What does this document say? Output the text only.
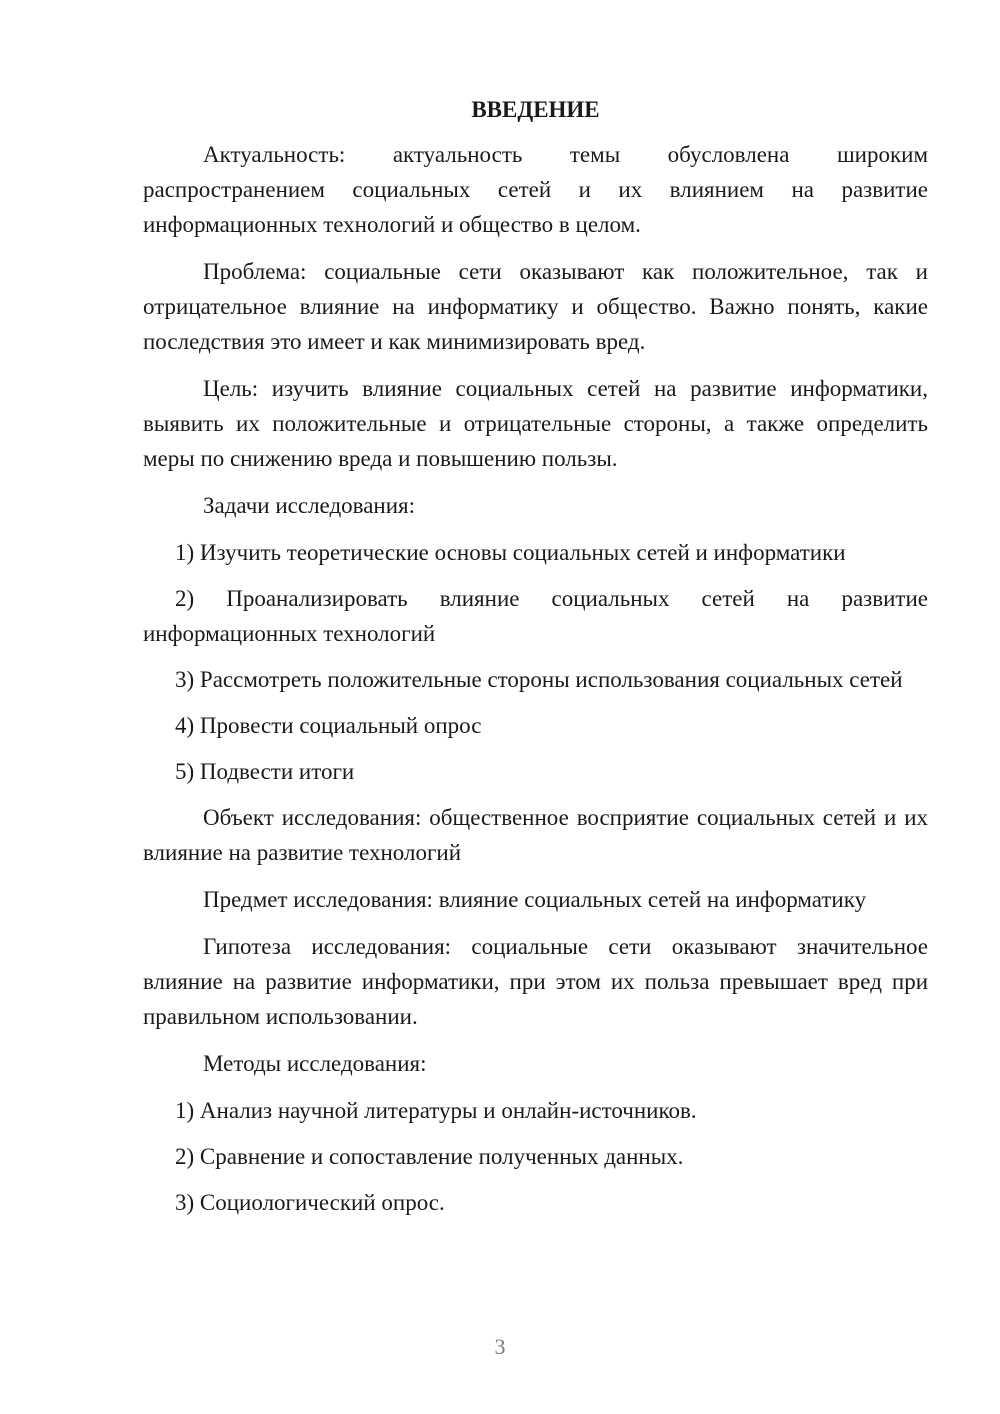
ВВЕДЕНИЕ

Актуальность: актуальность темы обусловлена широким распространением социальных сетей и их влиянием на развитие информационных технологий и общество в целом.

Проблема: социальные сети оказывают как положительное, так и отрицательное влияние на информатику и общество. Важно понять, какие последствия это имеет и как минимизировать вред.

Цель: изучить влияние социальных сетей на развитие информатики, выявить их положительные и отрицательные стороны, а также определить меры по снижению вреда и повышению пользы.

Задачи исследования:

1) Изучить теоретические основы социальных сетей и информатики

2) Проанализировать влияние социальных сетей на развитие информационных технологий

3) Рассмотреть положительные стороны использования социальных сетей

4) Провести социальный опрос

5) Подвести итоги

Объект исследования: общественное восприятие социальных сетей и их влияние на развитие технологий

Предмет исследования: влияние социальных сетей на информатику

Гипотеза исследования: социальные сети оказывают значительное влияние на развитие информатики, при этом их польза превышает вред при правильном использовании.

Методы исследования:

1) Анализ научной литературы и онлайн-источников.

2) Сравнение и сопоставление полученных данных.

3) Социологический опрос.

3
